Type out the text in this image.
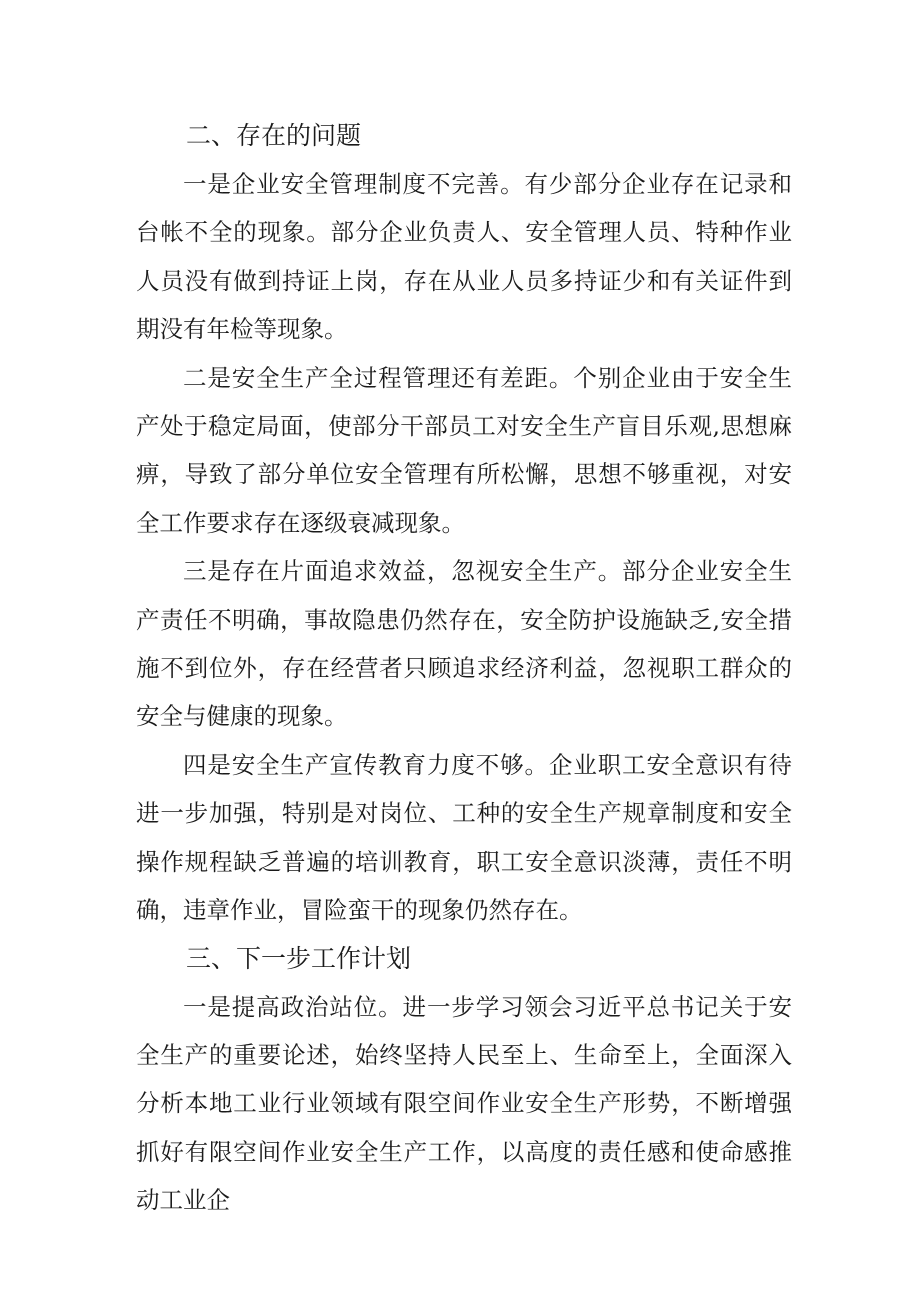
二、存在的问题

一是企业安全管理制度不完善。有少部分企业存在记录和台帐不全的现象。部分企业负责人、安全管理人员、特种作业人员没有做到持证上岗，存在从业人员多持证少和有关证件到期没有年检等现象。

二是安全生产全过程管理还有差距。个别企业由于安全生产处于稳定局面，使部分干部员工对安全生产盲目乐观,思想麻痹，导致了部分单位安全管理有所松懈，思想不够重视，对安全工作要求存在逐级衰减现象。

三是存在片面追求效益，忽视安全生产。部分企业安全生产责任不明确，事故隐患仍然存在，安全防护设施缺乏,安全措施不到位外，存在经营者只顾追求经济利益，忽视职工群众的安全与健康的现象。

四是安全生产宣传教育力度不够。企业职工安全意识有待进一步加强，特别是对岗位、工种的安全生产规章制度和安全操作规程缺乏普遍的培训教育，职工安全意识淡薄，责任不明确，违章作业，冒险蛮干的现象仍然存在。

三、下一步工作计划

一是提高政治站位。进一步学习领会习近平总书记关于安全生产的重要论述，始终坚持人民至上、生命至上，全面深入分析本地工业行业领域有限空间作业安全生产形势，不断增强抓好有限空间作业安全生产工作，以高度的责任感和使命感推动工业企
